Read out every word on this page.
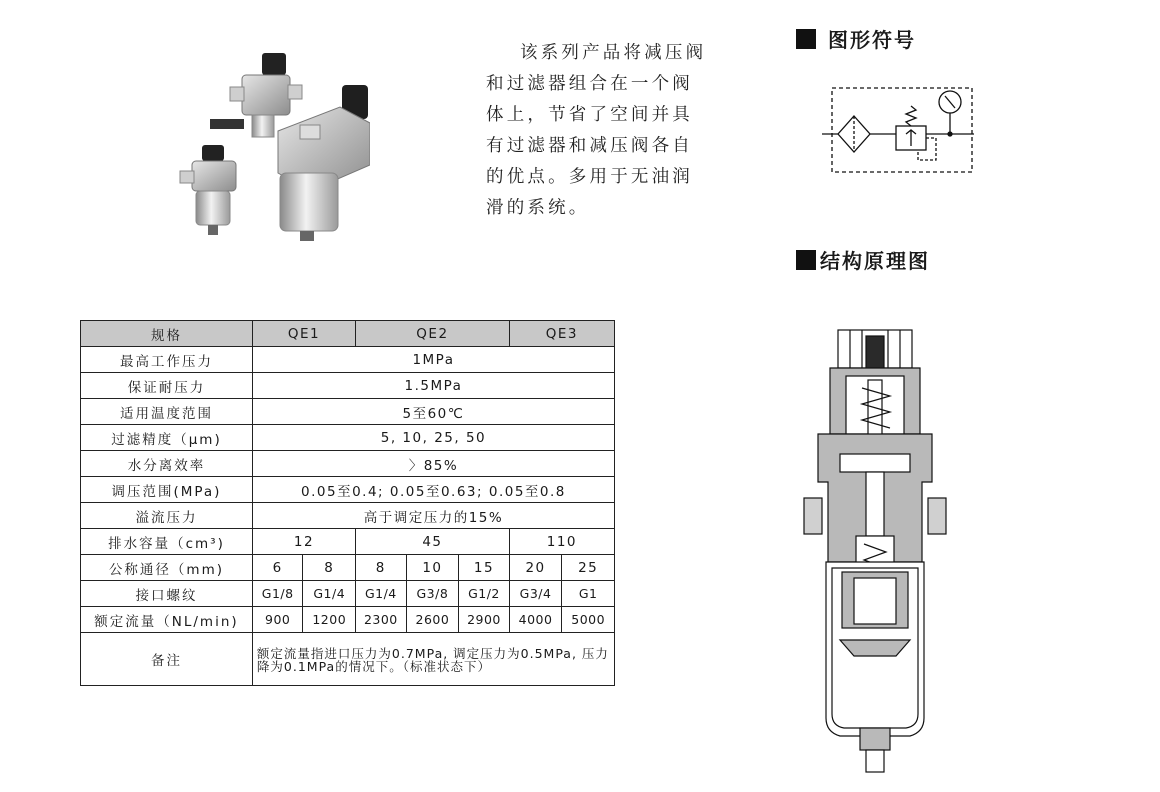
该系列产品将减压阀
和过滤器组合在一个阀
体上，节省了空间并具
有过滤器和减压阀各自
的优点。多用于无油润
滑的系统。
图形符号
结构原理图
规格	QE1		QE2			QE3	
最高工作压力	1MPa						
保证耐压力	1.5MPa						
适用温度范围	5至60℃						
过滤精度（μm)	5, 10, 25, 50						
水分离效率	〉85%						
调压范围(MPa)	0.05至0.4; 0.05至0.63; 0.05至0.8						
溢流压力	高于调定压力的15%						
排水容量（cm³)	12		45			110	
公称通径（mm)	6	8	8	10	15	20	25
接口螺纹	G1/8	G1/4	G1/4	G3/8	G1/2	G3/4	G1
额定流量（NL/min)	900	1200	2300	2600	2900	4000	5000
备注	额定流量指进口压力为0.7MPa, 调定压力为0.5MPa, 压力降为0.1MPa的情况下。（标准状态下）						
